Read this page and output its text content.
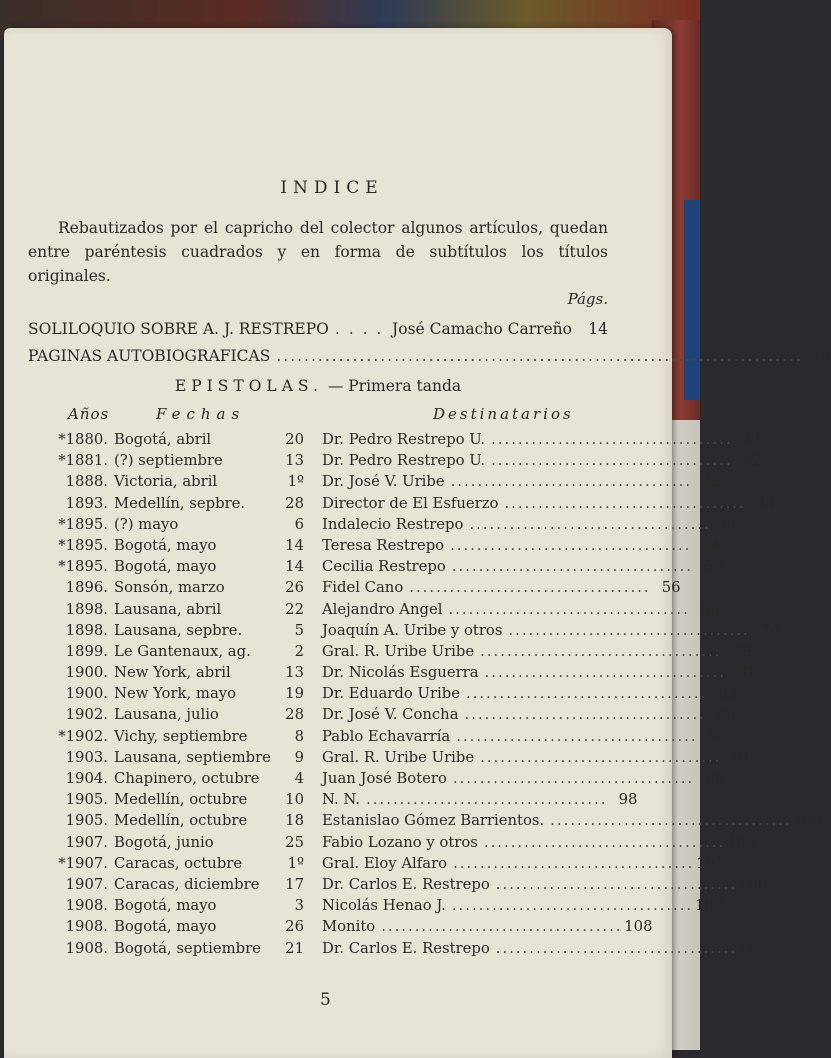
INDICE

Rebautizados por el capricho del colector algunos artículos, quedan entre paréntesis cuadrados y en forma de subtítulos los títulos originales.

Págs.
SOLILOQUIO SOBRE A. J. RESTREPO . . . . José Camacho Carreño 14
PAGINAS AUTOBIOGRAFICAS ............................................................................ 25
EPISTOLAS. — Primera tanda
Años	Fechas	Destinatarios
*1880. Bogotá, abril	20 Dr. Pedro Restrepo U. .................................... 41
*1881. (?) septiembre	13 Dr. Pedro Restrepo U. .................................... 42
1888. Victoria, abril	1º Dr. José V. Uribe .................................... 43
1893. Medellín, sepbre.	28 Director de El Esfuerzo .................................... 44
*1895. (?) mayo	6 Indalecio Restrepo .................................... 50
*1895. Bogotá, mayo	14 Teresa Restrepo .................................... 54
*1895. Bogotá, mayo	14 Cecilia Restrepo .................................... 55
1896. Sonsón, marzo	26 Fidel Cano .................................... 56
1898. Lausana, abril	22 Alejandro Angel .................................... 56
1898. Lausana, sepbre.	5 Joaquín A. Uribe y otros .................................... 78
1899. Le Gantenaux, ag.	2 Gral. R. Uribe Uribe .................................... 79
1900. New York, abril	13 Dr. Nicolás Esguerra .................................... 81
1900. New York, mayo	19 Dr. Eduardo Uribe .................................... 83
1902. Lausana, julio	28 Dr. José V. Concha .................................... 86
*1902. Vichy, septiembre	8 Pablo Echavarría .................................... 90
1903. Lausana, septiembre	9 Gral. R. Uribe Uribe .................................... 91
1904. Chapinero, octubre	4 Juan José Botero .................................... 96
1905. Medellín, octubre	10 N. N. .................................... 98
1905. Medellín, octubre	18 Estanislao Gómez Barrientos. .................................... 100
1907. Bogotá, junio	25 Fabio Lozano y otros .................................... 105
*1907. Caracas, octubre	1º Gral. Eloy Alfaro .................................... 105
1907. Caracas, diciembre	17 Dr. Carlos E. Restrepo .................................... 106
1908. Bogotá, mayo	3 Nicolás Henao J. .................................... 107
1908. Bogotá, mayo	26 Monito .................................... 108
1908. Bogotá, septiembre	21 Dr. Carlos E. Restrepo .................................... 109
5
